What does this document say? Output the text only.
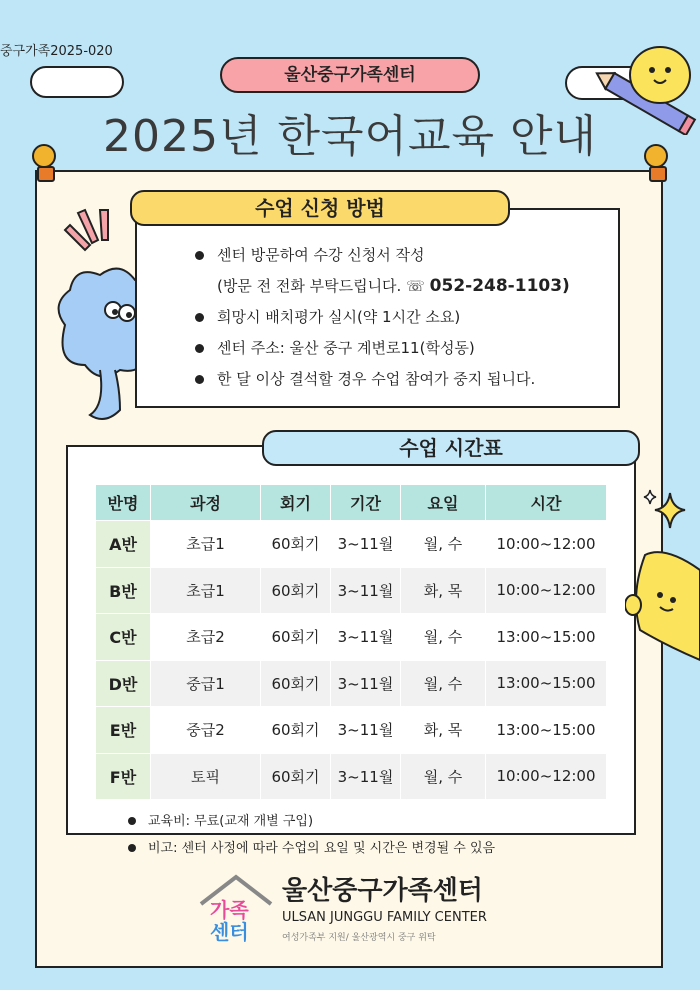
중구가족2025-020
울산중구가족센터
2025년 한국어교육 안내
수업 신청 방법
센터 방문하여 수강 신청서 작성
(방문 전 전화 부탁드립니다. ☏ 052-248-1103)
희망시 배치평가 실시(약 1시간 소요)
센터 주소: 울산 중구 계변로11(학성동)
한 달 이상 결석할 경우 수업 참여가 중지 됩니다.
수업 시간표
반명	과정	회기	기간	요일	시간
A반	초급1	60회기	3~11월	월, 수	10:00~12:00
B반	초급1	60회기	3~11월	화, 목	10:00~12:00
C반	초급2	60회기	3~11월	월, 수	13:00~15:00
D반	중급1	60회기	3~11월	월, 수	13:00~15:00
E반	중급2	60회기	3~11월	화, 목	13:00~15:00
F반	토픽	60회기	3~11월	월, 수	10:00~12:00
교육비: 무료(교재 개별 구입)
비고: 센터 사정에 따라 수업의 요일 및 시간은 변경될 수 있음
가족
센터
울산중구가족센터
ULSAN JUNGGU FAMILY CENTER
여성가족부 지원/ 울산광역시 중구 위탁
